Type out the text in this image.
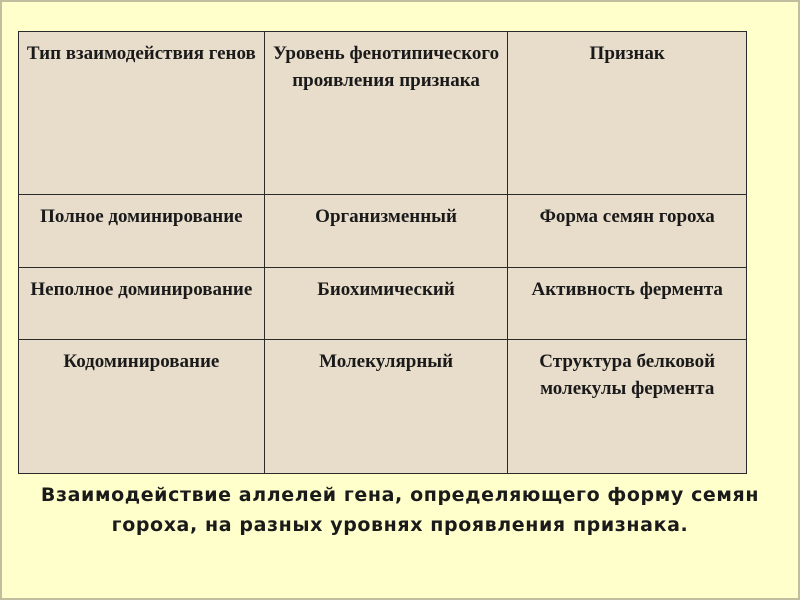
Тип взаимодействия генов	Уровень фенотипического проявления признака	Признак
Полное доминирование	Организменный	Форма семян гороха
Неполное доминирование	Биохимический	Активность фермента
Кодоминирование	Молекулярный	Структура белковой молекулы фермента
Взаимодействие аллелей гена, определяющего форму семян гороха, на разных уровнях проявления признака.
